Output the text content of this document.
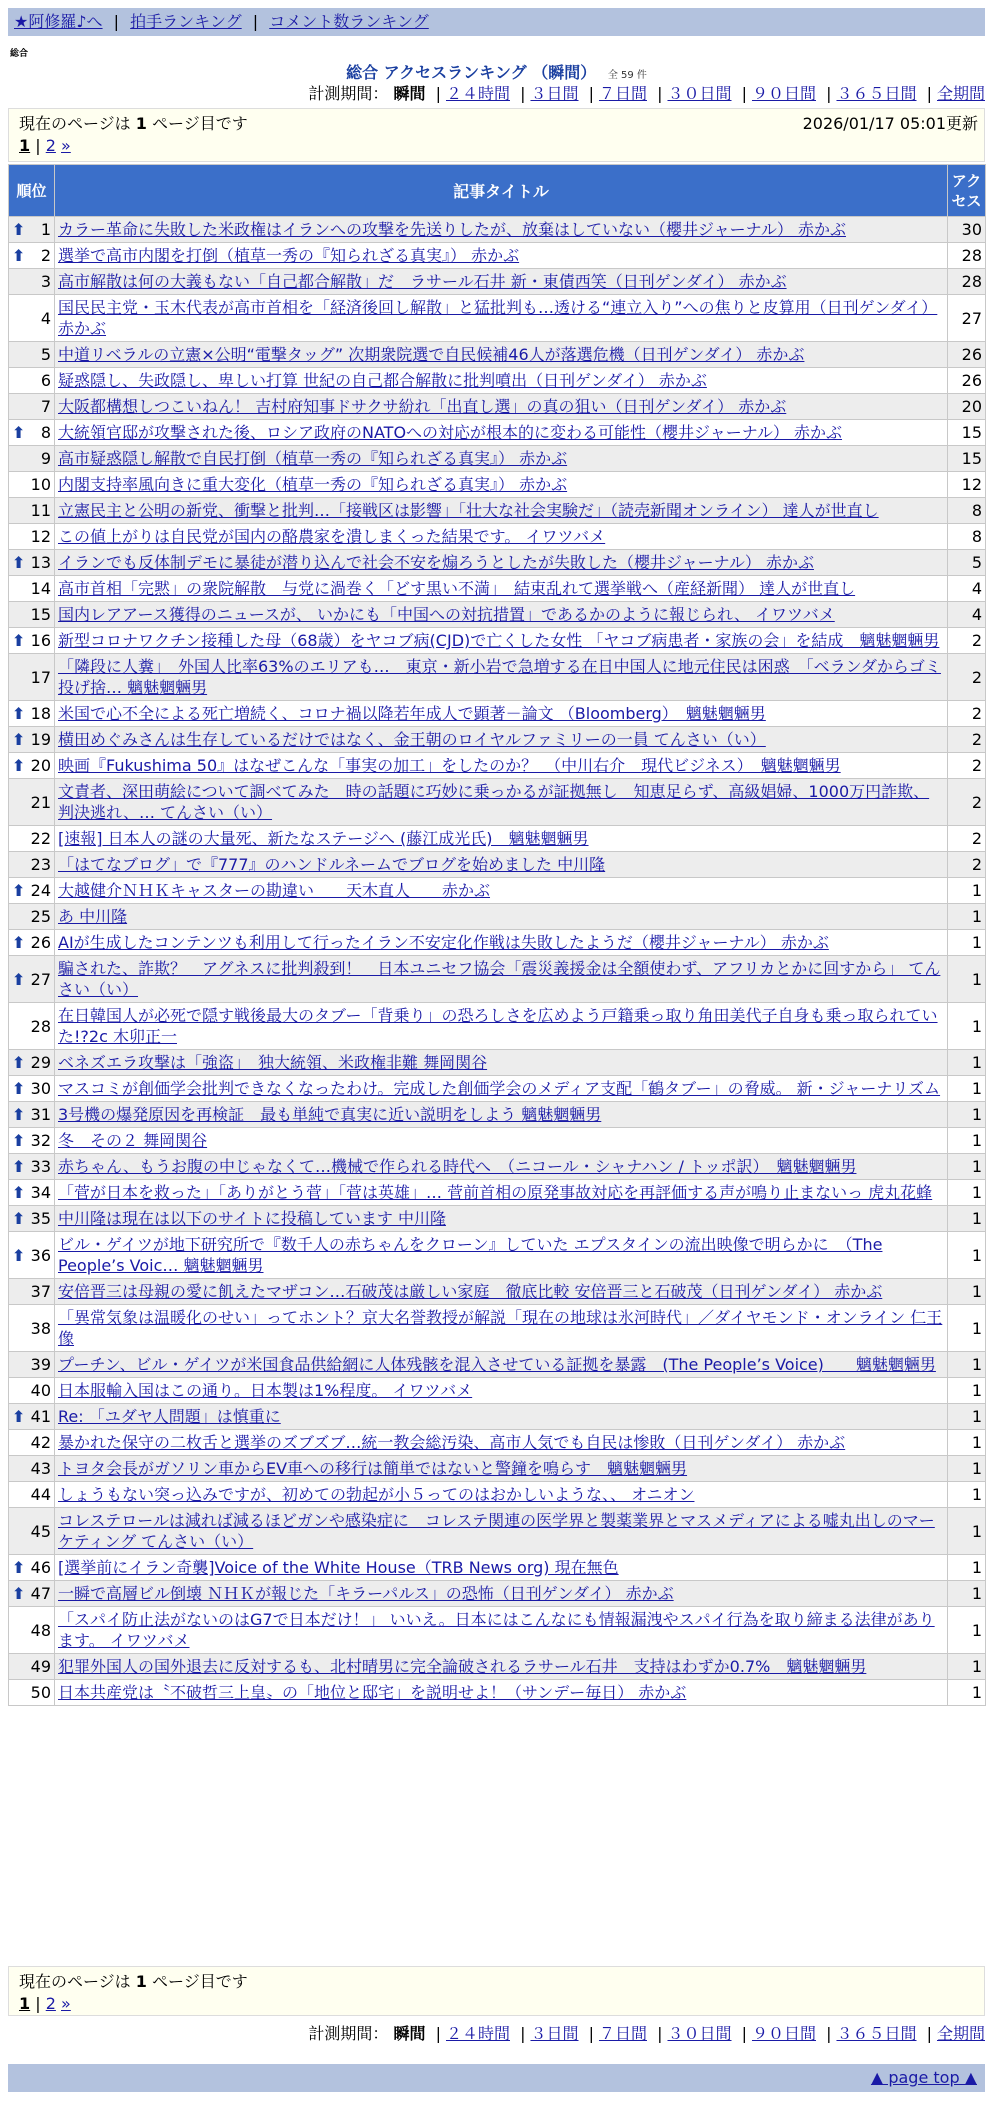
★阿修羅♪へ | 拍手ランキング | コメント数ランキング
総合
総合 アクセスランキング （瞬間） 全 59 件
計測期間： 瞬間 | ２４時間 | ３日間 | ７日間 | ３０日間 | ９０日間 | ３６５日間 | 全期間
現在のページは 1 ページ目です	2026/01/17 05:01更新
1 | 2 »
順位	記事タイトル	アクセス

⬆ 1	カラー革命に失敗した米政権はイランへの攻撃を先送りしたが、放棄はしていない（櫻井ジャーナル） 赤かぶ	30

⬆ 2	選挙で高市内閣を打倒（植草一秀の『知られざる真実』） 赤かぶ	28
3	高市解散は何の大義もない「自己都合解散」だ　ラサール石井 新・東債西笑（日刊ゲンダイ） 赤かぶ	28
4	国民民主党・玉木代表が高市首相を「経済後回し解散」と猛批判も…透ける“連立入り”への焦りと皮算用（日刊ゲンダイ） 赤かぶ	27
5	中道リベラルの立憲×公明“電撃タッグ” 次期衆院選で自民候補46人が落選危機（日刊ゲンダイ） 赤かぶ	26
6	疑惑隠し、失政隠し、卑しい打算 世紀の自己都合解散に批判噴出（日刊ゲンダイ） 赤かぶ	26
7	大阪都構想しつこいねん！ 吉村府知事ドサクサ紛れ「出直し選」の真の狙い（日刊ゲンダイ） 赤かぶ	20

⬆ 8	大統領官邸が攻撃された後、ロシア政府のNATOへの対応が根本的に変わる可能性（櫻井ジャーナル） 赤かぶ	15
9	高市疑惑隠し解散で自民打倒（植草一秀の『知られざる真実』） 赤かぶ	15
10	内閣支持率風向きに重大変化（植草一秀の『知られざる真実』） 赤かぶ	12
11	立憲民主と公明の新党、衝撃と批判…「接戦区は影響」「壮大な社会実験だ」（読売新聞オンライン） 達人が世直し	8
12	この値上がりは自民党が国内の酪農家を潰しまくった結果です。 イワツバメ	8

⬆ 13	イランでも反体制デモに暴徒が潜り込んで社会不安を煽ろうとしたが失敗した（櫻井ジャーナル） 赤かぶ	5
14	高市首相「完黙」の衆院解散　与党に渦巻く「どす黒い不満」　結束乱れて選挙戦へ（産経新聞） 達人が世直し	4
15	国内レアアース獲得のニュースが、 いかにも「中国への対抗措置」であるかのように報じられ、 イワツバメ	4

⬆ 16	新型コロナワクチン接種した母（68歳）をヤコブ病(CJD)で亡くした女性 「ヤコブ病患者・家族の会」を結成　魑魅魍魎男	2
17	「隣段に人糞」　外国人比率63%のエリアも…　東京・新小岩で急増する在日中国人に地元住民は困惑　「ベランダからゴミ投げ捨… 魑魅魍魎男	2

⬆ 18	米国で心不全による死亡増続く、コロナ禍以降若年成人で顕著－論文 （Bloomberg）　魑魅魍魎男	2

⬆ 19	横田めぐみさんは生存しているだけではなく、金王朝のロイヤルファミリーの一員 てんさい（い）	2

⬆ 20	映画『Fukushima 50』はなぜこんな「事実の加工」をしたのか？　（中川右介　現代ビジネス）　魑魅魍魎男	2
21	文責者、深田萌絵について調べてみた　時の話題に巧妙に乗っかるが証拠無し　知恵足らず、高級娼婦、1000万円詐欺、判決逃れ、… てんさい（い）	2
22	[速報] 日本人の謎の大量死、新たなステージへ (藤江成光氏)　魑魅魍魎男	2
23	「はてなブログ」で『777』のハンドルネームでブログを始めました 中川隆	2

⬆ 24	大越健介ＮＨＫキャスターの勘違い　　天木直人　　赤かぶ	1
25	あ 中川隆	1

⬆ 26	AIが生成したコンテンツも利用して行ったイラン不安定化作戦は失敗したようだ（櫻井ジャーナル） 赤かぶ	1

⬆ 27	騙された、詐欺？　アグネスに批判殺到！　日本ユニセフ協会「震災義援金は全額使わず、アフリカとかに回すから」 てんさい（い）	1
28	在日韓国人が必死で隠す戦後最大のタブー「背乗り」の恐ろしさを広めよう戸籍乗っ取り角田美代子自身も乗っ取られていた!?2c 木卯正一	1

⬆ 29	ベネズエラ攻撃は「強盗」　独大統領、米政権非難 舞岡関谷	1

⬆ 30	マスコミが創価学会批判できなくなったわけ。完成した創価学会のメディア支配「鶴タブー」の脅威。 新・ジャーナリズム	1

⬆ 31	3号機の爆発原因を再検証　最も単純で真実に近い説明をしよう 魑魅魍魎男	1

⬆ 32	冬　その２ 舞岡関谷	1

⬆ 33	赤ちゃん、もうお腹の中じゃなくて…機械で作られる時代へ　（ニコール・シャナハン / トッポ訳）　魑魅魍魎男	1

⬆ 34	「菅が日本を救った」「ありがとう菅」「菅は英雄」… 菅前首相の原発事故対応を再評価する声が鳴り止まないっ 虎丸花蜂	1

⬆ 35	中川隆は現在は以下のサイトに投稿しています 中川隆	1

⬆ 36	ビル・ゲイツが地下研究所で『数千人の赤ちゃんをクローン』していた エプスタインの流出映像で明らかに　（The People’s Voic… 魑魅魍魎男	1
37	安倍晋三は母親の愛に飢えたマザコン…石破茂は厳しい家庭　徹底比較 安倍晋三と石破茂（日刊ゲンダイ） 赤かぶ	1
38	「異常気象は温暖化のせい」ってホント？京大名誉教授が解説「現在の地球は氷河時代」／ダイヤモンド・オンライン 仁王像	1
39	プーチン、ビル・ゲイツが米国食品供給網に人体残骸を混入させている証拠を暴露　(The People’s Voice)　　魑魅魍魎男	1
40	日本服輸入国はこの通り。日本製は1%程度。 イワツバメ	1

⬆ 41	Re: 「ユダヤ人問題」は慎重に	1
42	暴かれた保守の二枚舌と選挙のズブズブ…統一教会総汚染、高市人気でも自民は惨敗（日刊ゲンダイ） 赤かぶ	1
43	トヨタ会長がガソリン車からEV車への移行は簡単ではないと警鐘を鳴らす　魑魅魍魎男	1
44	しょうもない突っ込みですが、初めての勃起が小５ってのはおかしいような、、 オニオン	1
45	コレステロールは減れば減るほどガンや感染症に　コレステ関連の医学界と製薬業界とマスメディアによる嘘丸出しのマーケティング てんさい（い）	1

⬆ 46	[選挙前にイラン奇襲]Voice of the White House（TRB News org) 現在無色	1

⬆ 47	一瞬で高層ビル倒壊 ＮＨＫが報じた「キラーパルス」の恐怖（日刊ゲンダイ） 赤かぶ	1
48	「スパイ防止法がないのはG7で日本だけ！」 いいえ。日本にはこんなにも情報漏洩やスパイ行為を取り締まる法律があります。 イワツバメ	1
49	犯罪外国人の国外退去に反対するも、北村晴男に完全論破されるラサール石井　支持はわずか0.7%　魑魅魍魎男	1
50	日本共産党は〝不破哲三上皇〟の「地位と邸宅」を説明せよ！（サンデー毎日） 赤かぶ	1
現在のページは 1 ページ目です
1 | 2 »
計測期間： 瞬間 | ２４時間 | ３日間 | ７日間 | ３０日間 | ９０日間 | ３６５日間 | 全期間
▲ page top ▲
